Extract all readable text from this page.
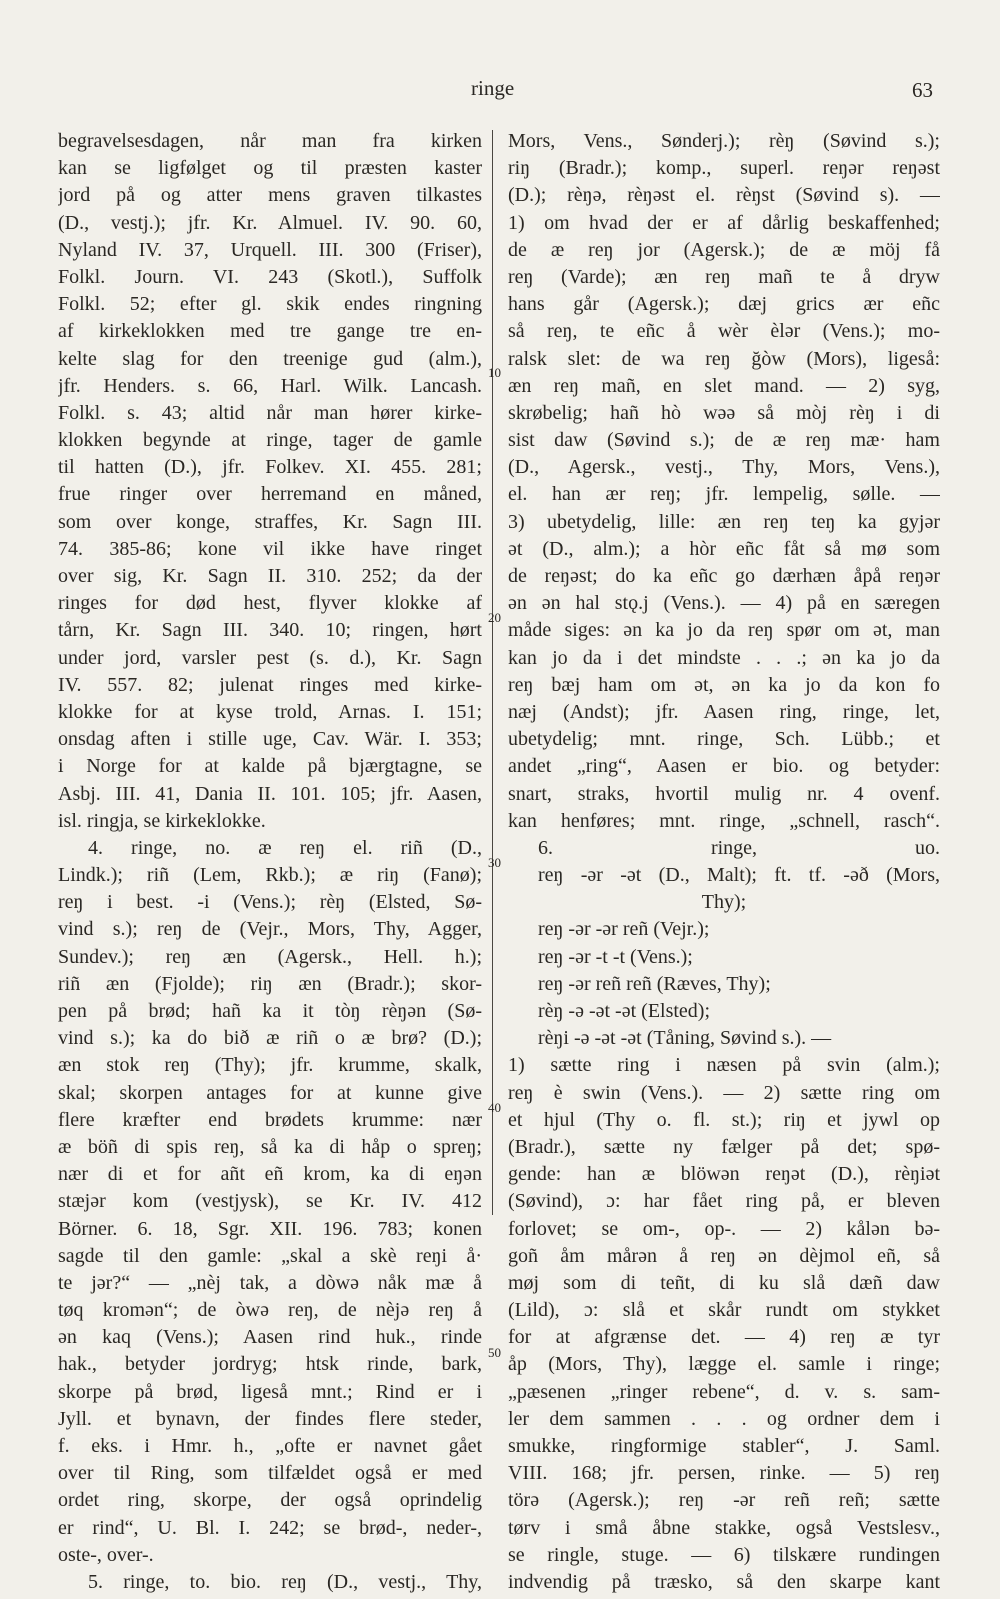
ringe	63
begravelsesdagen, når man fra kirken
kan se ligfølget og til præsten kaster
jord på og atter mens graven tilkastes
(D., vestj.); jfr. Kr. Almuel. IV. 90. 60,
Nyland IV. 37, Urquell. III. 300 (Friser),
Folkl. Journ. VI. 243 (Skotl.), Suffolk
Folkl. 52; efter gl. skik endes ringning
af kirkeklokken med tre gange tre en-
kelte slag for den treenige gud (alm.),
jfr. Henders. s. 66, Harl. Wilk. Lancash.
Folkl. s. 43; altid når man hører kirke-
klokken begynde at ringe, tager de gamle
til hatten (D.), jfr. Folkev. XI. 455. 281;
frue ringer over herremand en måned,
som over konge, straffes, Kr. Sagn III.
74. 385-86; kone vil ikke have ringet
over sig, Kr. Sagn II. 310. 252; da der
ringes for død hest, flyver klokke af
tårn, Kr. Sagn III. 340. 10; ringen, hørt
under jord, varsler pest (s. d.), Kr. Sagn
IV. 557. 82; julenat ringes med kirke-
klokke for at kyse trold, Arnas. I. 151;
onsdag aften i stille uge, Cav. Wär. I. 353;
i Norge for at kalde på bjærgtagne, se
Asbj. III. 41, Dania II. 101. 105; jfr. Aasen,
isl. ringja, se kirkeklokke.
4. ringe, no. æ reŋ el. riñ (D.,
Lindk.); riñ (Lem, Rkb.); æ riŋ (Fanø);
reŋ i best. -i (Vens.); rèŋ (Elsted, Sø-
vind s.); reŋ de (Vejr., Mors, Thy, Agger,
Sundev.); reŋ æn (Agersk., Hell. h.);
riñ æn (Fjolde); riŋ æn (Bradr.); skor-
pen på brød; hañ ka it tòŋ rèŋən (Sø-
vind s.); ka do bið æ riñ o æ brø? (D.);
æn stok reŋ (Thy); jfr. krumme, skalk,
skal; skorpen antages for at kunne give
flere kræfter end brødets krumme: nær
æ böñ di spis reŋ, så ka di håp o spreŋ;
nær di et for añt eñ krom, ka di eŋən
stæjər kom (vestjysk), se Kr. IV. 412
Börner. 6. 18, Sgr. XII. 196. 783; konen
sagde til den gamle: „skal a skè reŋi å·
te jər?“ — „nèj tak, a dòwə nåk mæ å
tøq kromən“; de òwə reŋ, de nèjə reŋ å
ən kaq (Vens.); Aasen rind huk., rinde
hak., betyder jordryg; htsk rinde, bark,
skorpe på brød, ligeså mnt.; Rind er i
Jyll. et bynavn, der findes flere steder,
f. eks. i Hmr. h., „ofte er navnet gået
over til Ring, som tilfældet også er med
ordet ring, skorpe, der også oprindelig
er rind“, U. Bl. I. 242; se brød-, neder-,
oste-, over-.
5. ringe, to. bio. reŋ (D., vestj., Thy,
Mors, Vens., Sønderj.); rèŋ (Søvind s.);
riŋ (Bradr.); komp., superl. reŋər reŋəst
(D.); rèŋə, rèŋəst el. rèŋst (Søvind s). —
1) om hvad der er af dårlig beskaffenhed;
de æ reŋ jor (Agersk.); de æ möj få
reŋ (Varde); æn reŋ mañ te å dryw
hans går (Agersk.); dæj grics ær eñc
så reŋ, te eñc å wèr èlər (Vens.); mo-
ralsk slet: de wa reŋ ğòw (Mors), ligeså:
æn reŋ mañ, en slet mand. — 2) syg,
skrøbelig; hañ hò wəə så mòj rèŋ i di
sist daw (Søvind s.); de æ reŋ mæ· ham
(D., Agersk., vestj., Thy, Mors, Vens.),
el. han ær reŋ; jfr. lempelig, sølle. —
3) ubetydelig, lille: æn reŋ teŋ ka gyjər
ət (D., alm.); a hòr eñc fåt så mø som
de reŋəst; do ka eñc go dærhæn åpå reŋər
ən ən hal stǫ.j (Vens.). — 4) på en særegen
måde siges: ən ka jo da reŋ spør om ət, man
kan jo da i det mindste . . .; ən ka jo da
reŋ bæj ham om ət, ən ka jo da kon fo
næj (Andst); jfr. Aasen ring, ringe, let,
ubetydelig; mnt. ringe, Sch. Lübb.; et
andet „ring“, Aasen er bio. og betyder:
snart, straks, hvortil mulig nr. 4 ovenf.
kan henføres; mnt. ringe, „schnell, rasch“.
6. ringe, uo.
reŋ -ər -ət (D., Malt); ft. tf. -əð (Mors,
Thy);
reŋ -ər -ər reñ (Vejr.);
reŋ -ər -t -t (Vens.);
reŋ -ər reñ reñ (Ræves, Thy);
rèŋ -ə -ət -ət (Elsted);
rèŋi -ə -ət -ət (Tåning, Søvind s.). —
1) sætte ring i næsen på svin (alm.);
reŋ è swin (Vens.). — 2) sætte ring om
et hjul (Thy o. fl. st.); riŋ et jywl op
(Bradr.), sætte ny fælger på det; spø-
gende: han æ blöwən reŋət (D.), rèŋiət
(Søvind), ɔ: har fået ring på, er bleven
forlovet; se om-, op-. — 2) kålən bə-
goñ åm mårən å reŋ ən dèjmol eñ, så
møj som di teñt, di ku slå dæñ daw
(Lild), ɔ: slå et skår rundt om stykket
for at afgrænse det. — 4) reŋ æ tyr
åp (Mors, Thy), lægge el. samle i ringe;
„pæsenen „ringer rebene“, d. v. s. sam-
ler dem sammen . . . og ordner dem i
smukke, ringformige stabler“, J. Saml.
VIII. 168; jfr. persen, rinke. — 5) reŋ
törə (Agersk.); reŋ -ər reñ reñ; sætte
tørv i små åbne stakke, også Vestslesv.,
se ringle, stuge. — 6) tilskære rundingen
indvendig på træsko, så den skarpe kant
10
20
30
40
50
